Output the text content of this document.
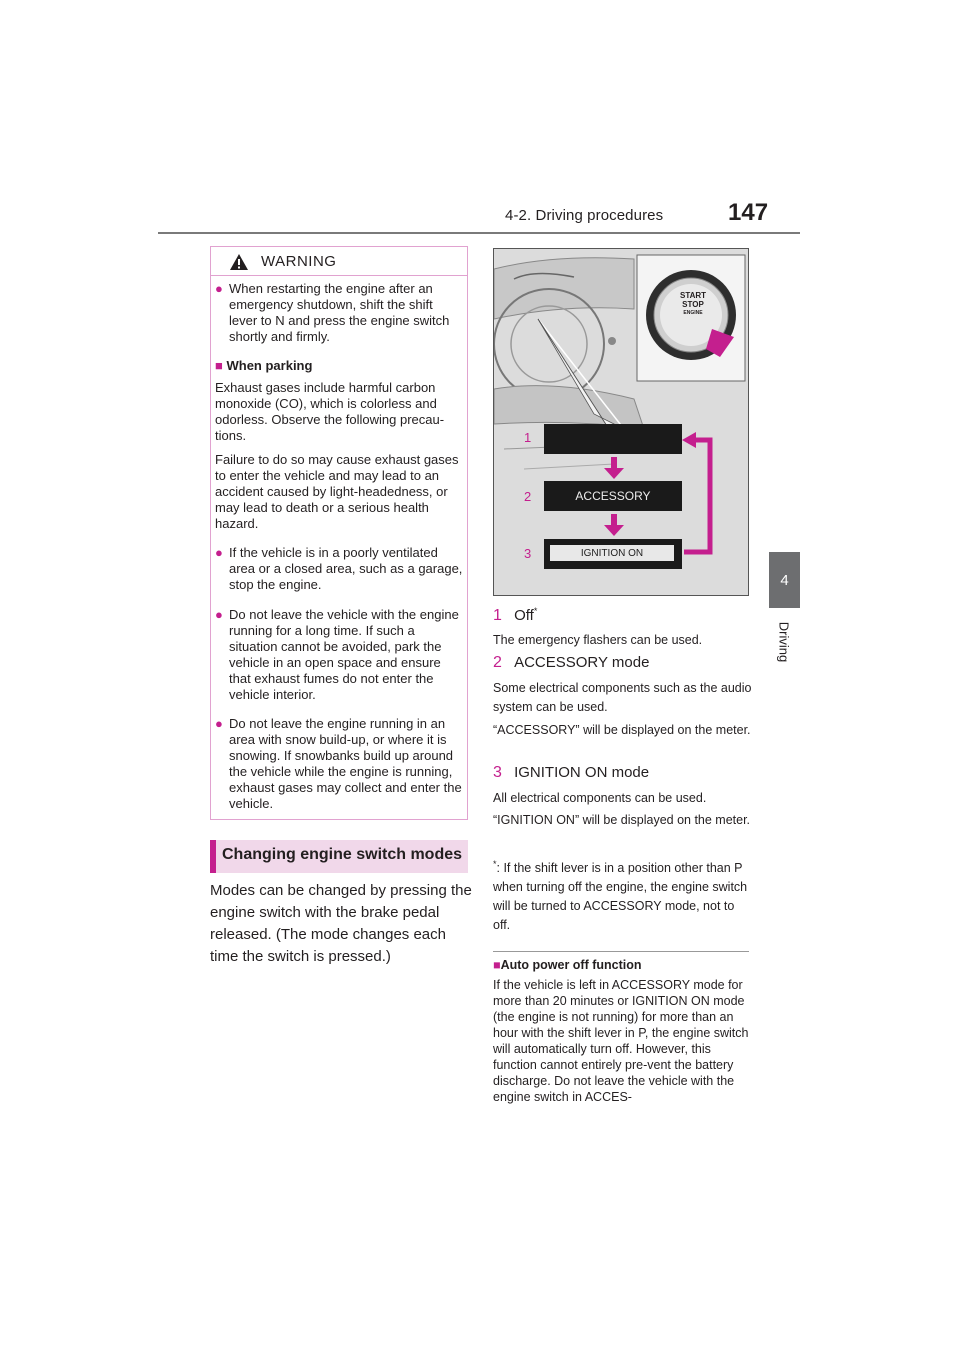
4-2. Driving procedures	147
4
Driving
WARNING
● When restarting the engine after an emergency shutdown, shift the shift lever to N and press the engine switch shortly and firmly.
■ When parking
Exhaust gases include harmful carbon monoxide (CO), which is colorless and odorless. Observe the following precau-tions.
Failure to do so may cause exhaust gases to enter the vehicle and may lead to an accident caused by light-headedness, or may lead to death or a serious health hazard.
● If the vehicle is in a poorly ventilated area or a closed area, such as a garage, stop the engine.
● Do not leave the vehicle with the engine running for a long time. If such a situation cannot be avoided, park the vehicle in an open space and ensure that exhaust fumes do not enter the vehicle interior.
● Do not leave the engine running in an area with snow build-up, or where it is snowing. If snowbanks build up around the vehicle while the engine is running, exhaust gases may collect and enter the vehicle.
Changing engine switch modes
Modes can be changed by pressing the engine switch with the brake pedal released. (The mode changes each time the switch is pressed.)
START
STOP
ENGINE
1
2	ACCESSORY
3	IGNITION ON
1 Off*
The emergency flashers can be used.
2 ACCESSORY mode
Some electrical components such as the audio system can be used.
“ACCESSORY” will be displayed on the meter.
3 IGNITION ON mode
All electrical components can be used.
“IGNITION ON” will be displayed on the meter.
*: If the shift lever is in a position other than P when turning off the engine, the engine switch will be turned to ACCESSORY mode, not to off.
■Auto power off function
If the vehicle is left in ACCESSORY mode for more than 20 minutes or IGNITION ON mode (the engine is not running) for more than an hour with the shift lever in P, the engine switch will automatically turn off. However, this function cannot entirely pre-vent the battery discharge. Do not leave the vehicle with the engine switch in ACCES-
